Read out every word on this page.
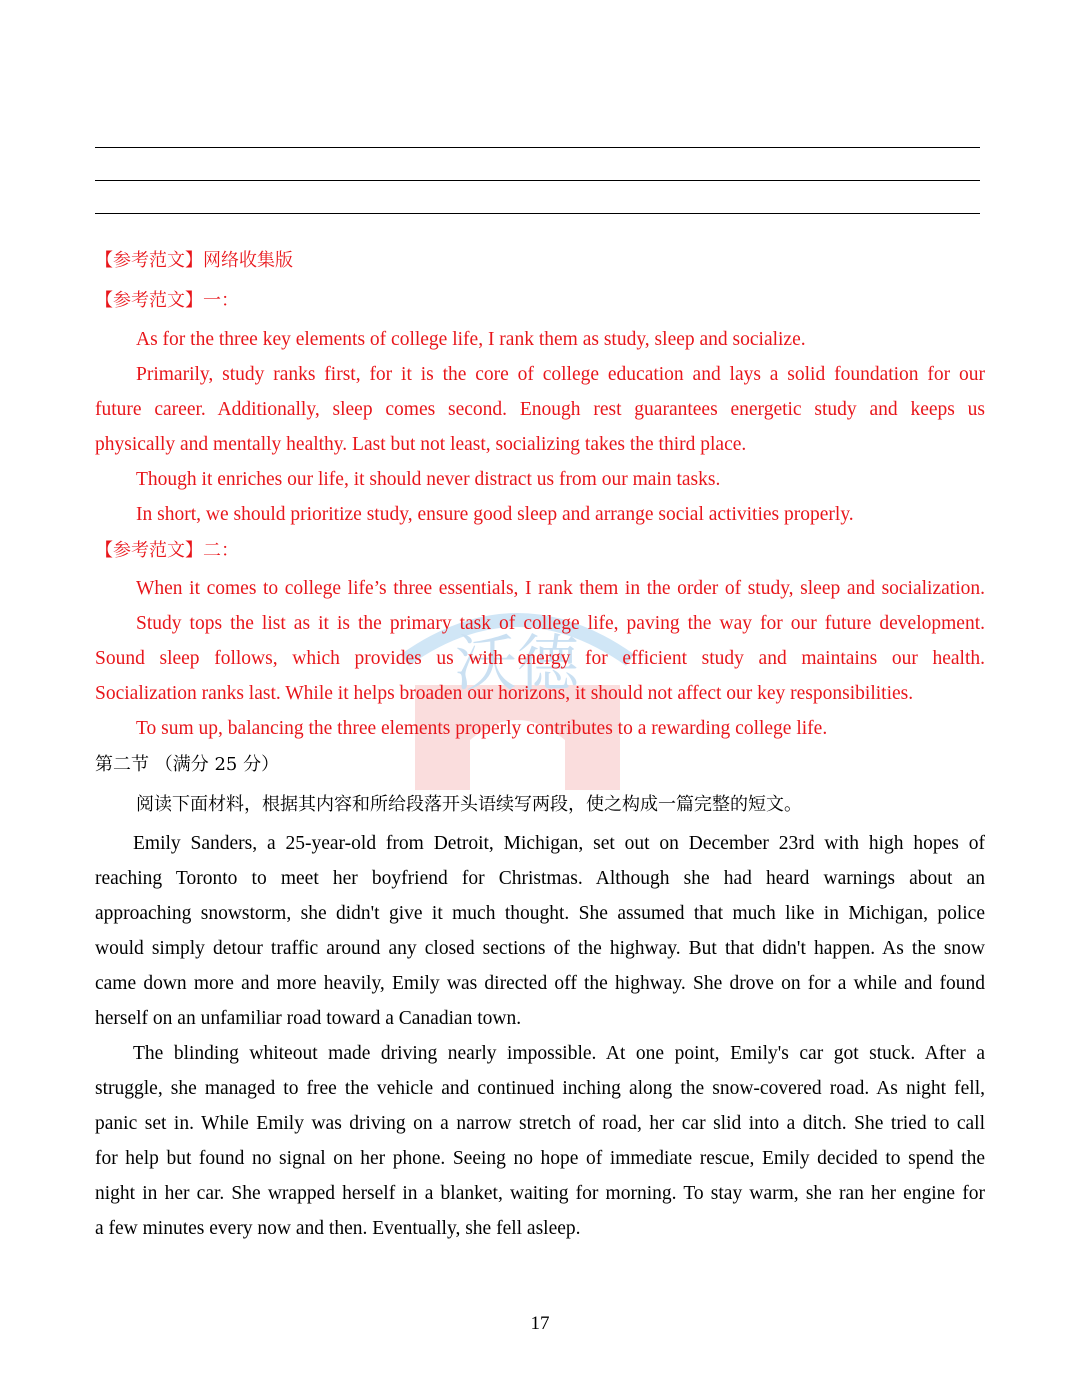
沃德
【参考范文】网络收集版
【参考范文】一：
As for the three key elements of college life, I rank them as study, sleep and socialize.
Primarily, study ranks first, for it is the core of college education and lays a solid foundation for our
future career. Additionally, sleep comes second. Enough rest guarantees energetic study and keeps us
physically and mentally healthy. Last but not least, socializing takes the third place.
Though it enriches our life, it should never distract us from our main tasks.
In short, we should prioritize study, ensure good sleep and arrange social activities properly.
【参考范文】二：
When it comes to college life’s three essentials, I rank them in the order of study, sleep and socialization.
Study tops the list as it is the primary task of college life, paving the way for our future development.
Sound sleep follows, which provides us with energy for efficient study and maintains our health.
Socialization ranks last. While it helps broaden our horizons, it should not affect our key responsibilities.
To sum up, balancing the three elements properly contributes to a rewarding college life.
第二节 （满分 25 分）
阅读下面材料，根据其内容和所给段落开头语续写两段，使之构成一篇完整的短文。
Emily Sanders, a 25-year-old from Detroit, Michigan, set out on December 23rd with high hopes of
reaching Toronto to meet her boyfriend for Christmas. Although she had heard warnings about an
approaching snowstorm, she didn't give it much thought. She assumed that much like in Michigan, police
would simply detour traffic around any closed sections of the highway. But that didn't happen. As the snow
came down more and more heavily, Emily was directed off the highway. She drove on for a while and found
herself on an unfamiliar road toward a Canadian town.
The blinding whiteout made driving nearly impossible. At one point, Emily's car got stuck. After a
struggle, she managed to free the vehicle and continued inching along the snow-covered road. As night fell,
panic set in. While Emily was driving on a narrow stretch of road, her car slid into a ditch. She tried to call
for help but found no signal on her phone. Seeing no hope of immediate rescue, Emily decided to spend the
night in her car. She wrapped herself in a blanket, waiting for morning. To stay warm, she ran her engine for
a few minutes every now and then. Eventually, she fell asleep.
17
